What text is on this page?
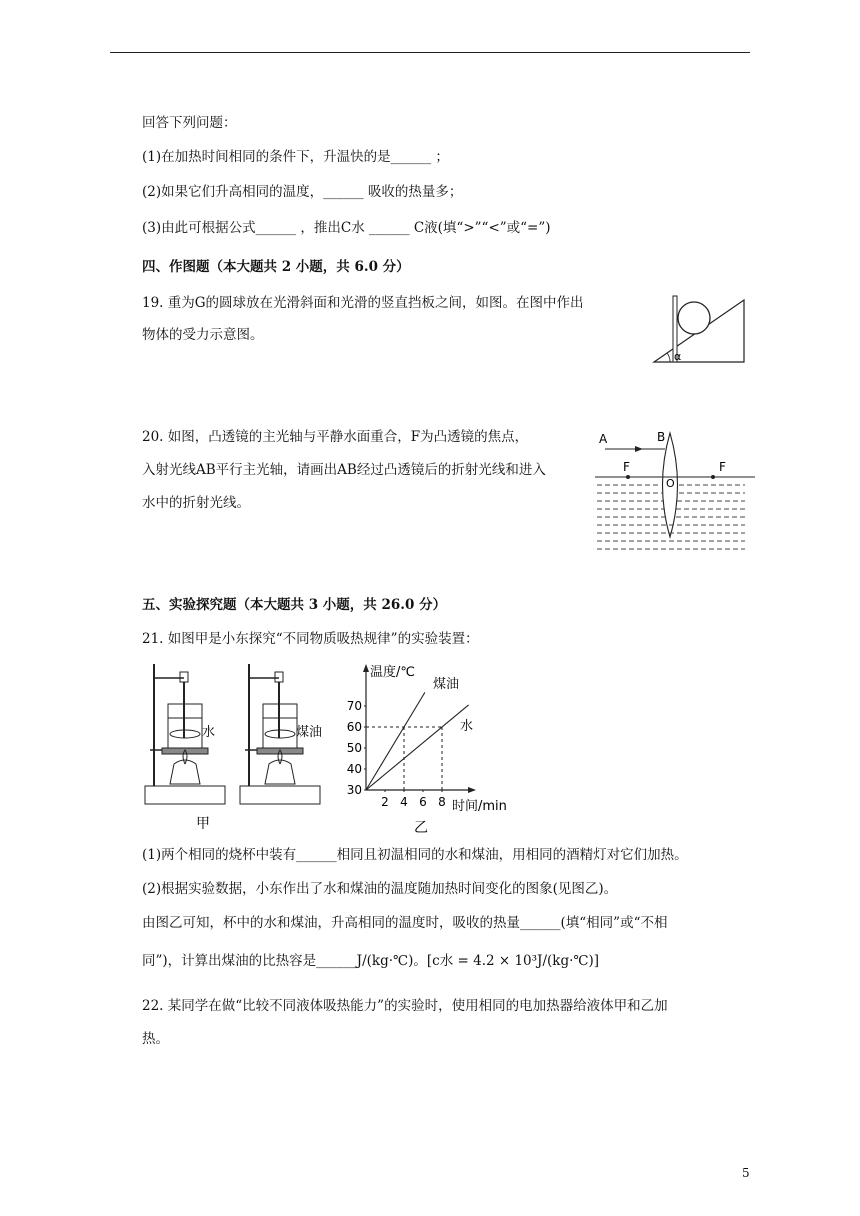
回答下列问题：
(1)在加热时间相同的条件下，升温快的是______ ；
(2)如果它们升高相同的温度，______ 吸收的热量多；
(3)由此可根据公式______ ，推出C水 ______ C液(填“>”“<”或“=”)
四、作图题（本大题共 2 小题，共 6.0 分）
19. 重为G的圆球放在光滑斜面和光滑的竖直挡板之间，如图。在图中作出
物体的受力示意图。
α
20. 如图，凸透镜的主光轴与平静水面重合，F为凸透镜的焦点，
入射光线AB平行主光轴，请画出AB经过凸透镜后的折射光线和进入
水中的折射光线。
A	B
F	F
O
五、实验探究题（本大题共 3 小题，共 26.0 分）
21. 如图甲是小东探究“不同物质吸热规律”的实验装置：
水	煤油
甲
温度/℃
时间/min
30
40
50
60
70
2 4 6 8
煤油
水
乙
(1)两个相同的烧杯中装有______相同且初温相同的水和煤油，用相同的酒精灯对它们加热。
(2)根据实验数据，小东作出了水和煤油的温度随加热时间变化的图象(见图乙)。
由图乙可知，杯中的水和煤油，升高相同的温度时，吸收的热量______(填“相同”或“不相
同”)，计算出煤油的比热容是______J/(kg·℃)。[c水 = 4.2 × 10³J/(kg·℃)]
22. 某同学在做“比较不同液体吸热能力”的实验时，使用相同的电加热器给液体甲和乙加
热。
5
